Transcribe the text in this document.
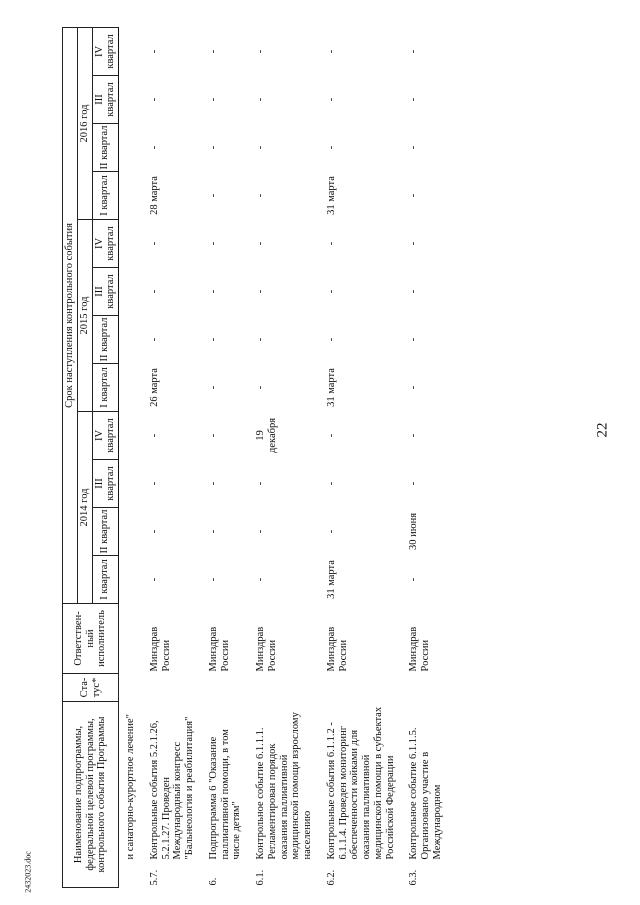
22
2432023.doc
Наименование подпрограммы, федеральной целевой программы, контрольного события Программы		Ста-тус*	Ответствен-ный исполнитель	Срок наступления контрольного события											
				2014 год				2015 год				2016 год			
				I квартал	II квартал	III квартал	IV квартал	I квартал	II квартал	III квартал	IV квартал	I квартал	II квартал	III квартал	IV квартал
	и санаторно-курортное лечение"														
5.7.	Контрольные события 5.2.1.26, 5.2.1.27. Проведен Международный конгресс "Бальнеология и реабилитация"		Минздрав России	-	-	-	-	26 марта	-	-	-	28 марта	-	-	-
6.	Подпрограмма 6 "Оказание паллиативной помощи, в том числе детям"		Минздрав России	-	-	-	-	-	-	-	-	-	-	-	-
6.1.	Контрольное событие 6.1.1.1. Регламентирован порядок оказания паллиативной медицинской помощи взрослому населению		Минздрав России	-	-	-	19 декабря	-	-	-	-	-	-	-	-
6.2.	Контрольные события 6.1.1.2 - 6.1.1.4. Проведен мониторинг обеспеченности койками для оказания паллиативной медицинской помощи в субъектах Российской Федерации		Минздрав России	31 марта	-	-	-	31 марта	-	-	-	31 марта	-	-	-
6.3.	Контрольное событие 6.1.1.5. Организовано участие в Международном		Минздрав России	-	30 июня	-	-	-	-	-	-	-	-	-	-
